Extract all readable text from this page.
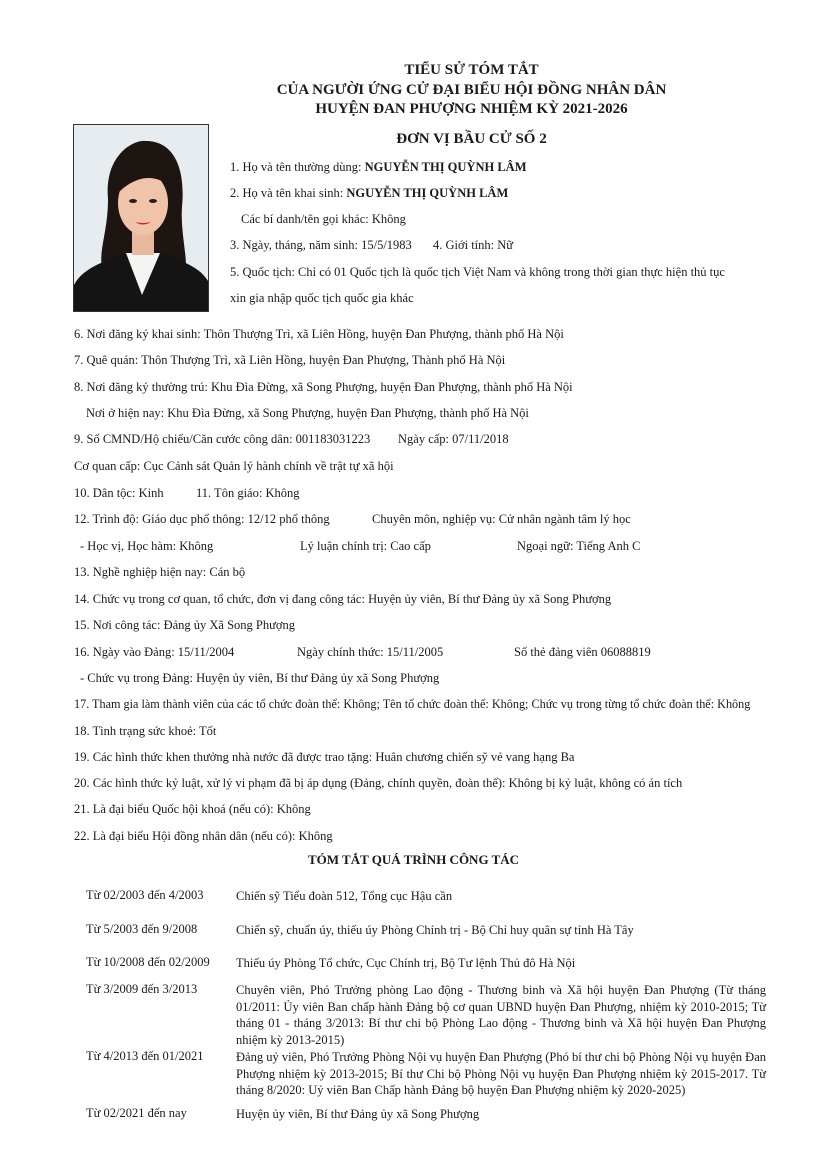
TIỂU SỬ TÓM TẮT
CỦA NGƯỜI ỨNG CỬ ĐẠI BIỂU HỘI ĐỒNG NHÂN DÂN
HUYỆN ĐAN PHƯỢNG NHIỆM KỲ 2021-2026
ĐƠN VỊ BẦU CỬ SỐ 2
1. Họ và tên thường dùng: NGUYỄN THỊ QUỲNH LÂM
2. Họ và tên khai sinh: NGUYỄN THỊ QUỲNH LÂM
Các bí danh/tên gọi khác: Không
3. Ngày, tháng, năm sinh: 15/5/1983 4. Giới tính: Nữ
5. Quốc tịch: Chỉ có 01 Quốc tịch là quốc tịch Việt Nam và không trong thời gian thực hiện thủ tục
xin gia nhập quốc tịch quốc gia khác
6. Nơi đăng ký khai sinh: Thôn Thượng Trì, xã Liên Hồng, huyện Đan Phượng, thành phố Hà Nội
7. Quê quán: Thôn Thượng Trì, xã Liên Hồng, huyện Đan Phượng, Thành phố Hà Nội
8. Nơi đăng ký thường trú: Khu Đìa Đừng, xã Song Phượng, huyện Đan Phượng, thành phố Hà Nội
Nơi ở hiện nay: Khu Đìa Đừng, xã Song Phượng, huyện Đan Phượng, thành phố Hà Nội
9. Số CMND/Hộ chiếu/Căn cước công dân: 001183031223 Ngày cấp: 07/11/2018
Cơ quan cấp: Cục Cảnh sát Quản lý hành chính về trật tự xã hội
10. Dân tộc: Kinh	11. Tôn giáo: Không
12. Trình độ: Giáo dục phổ thông: 12/12 phổ thông	Chuyên môn, nghiệp vụ: Cử nhân ngành tâm lý học
- Học vị, Học hàm: Không	Lý luận chính trị: Cao cấp	Ngoại ngữ: Tiếng Anh C
13. Nghề nghiệp hiện nay: Cán bộ
14. Chức vụ trong cơ quan, tổ chức, đơn vị đang công tác: Huyện ủy viên, Bí thư Đảng ủy xã Song Phượng
15. Nơi công tác: Đảng ủy Xã Song Phượng
16. Ngày vào Đảng: 15/11/2004	Ngày chính thức: 15/11/2005	Số thẻ đảng viên 06088819
- Chức vụ trong Đảng: Huyện ủy viên, Bí thư Đảng ủy xã Song Phượng
17. Tham gia làm thành viên của các tổ chức đoàn thể: Không; Tên tổ chức đoàn thể: Không; Chức vụ trong từng tổ chức đoàn thể: Không
18. Tình trạng sức khoẻ: Tốt
19. Các hình thức khen thưởng nhà nước đã được trao tặng: Huân chương chiến sỹ vẻ vang hạng Ba
20. Các hình thức kỷ luật, xử lý vi phạm đã bị áp dụng (Đảng, chính quyền, đoàn thể): Không bị kỷ luật, không có án tích
21. Là đại biểu Quốc hội khoá (nếu có): Không
22. Là đại biểu Hội đồng nhân dân (nếu có): Không
TÓM TẮT QUÁ TRÌNH CÔNG TÁC
Từ 02/2003 đến 4/2003	Chiến sỹ Tiểu đoàn 512, Tổng cục Hậu cần
Từ 5/2003 đến 9/2008	Chiến sỹ, chuẩn úy, thiếu úy Phòng Chính trị - Bộ Chỉ huy quân sự tỉnh Hà Tây
Từ 10/2008 đến 02/2009 Thiếu úy Phòng Tổ chức, Cục Chính trị, Bộ Tư lệnh Thủ đô Hà Nội
Từ 3/2009 đến 3/2013	Chuyên viên, Phó Trưởng phòng Lao động - Thương binh và Xã hội huyện Đan Phượng (Từ tháng 01/2011: Ủy viên Ban chấp hành Đảng bộ cơ quan UBND huyện Đan Phượng, nhiệm kỳ 2010-2015; Từ tháng 01 - tháng 3/2013: Bí thư chi bộ Phòng Lao động - Thương binh và Xã hội huyện Đan Phượng nhiệm kỳ 2013-2015)
Từ 4/2013 đến 01/2021	Đảng uỷ viên, Phó Trưởng Phòng Nội vụ huyện Đan Phượng (Phó bí thư chi bộ Phòng Nội vụ huyện Đan Phượng nhiệm kỳ 2013-2015; Bí thư Chi bộ Phòng Nội vụ huyện Đan Phượng nhiệm kỳ 2015-2017. Từ tháng 8/2020: Uỷ viên Ban Chấp hành Đảng bộ huyện Đan Phượng nhiệm kỳ 2020-2025)
Từ 02/2021 đến nay	Huyện ủy viên, Bí thư Đảng ủy xã Song Phượng
